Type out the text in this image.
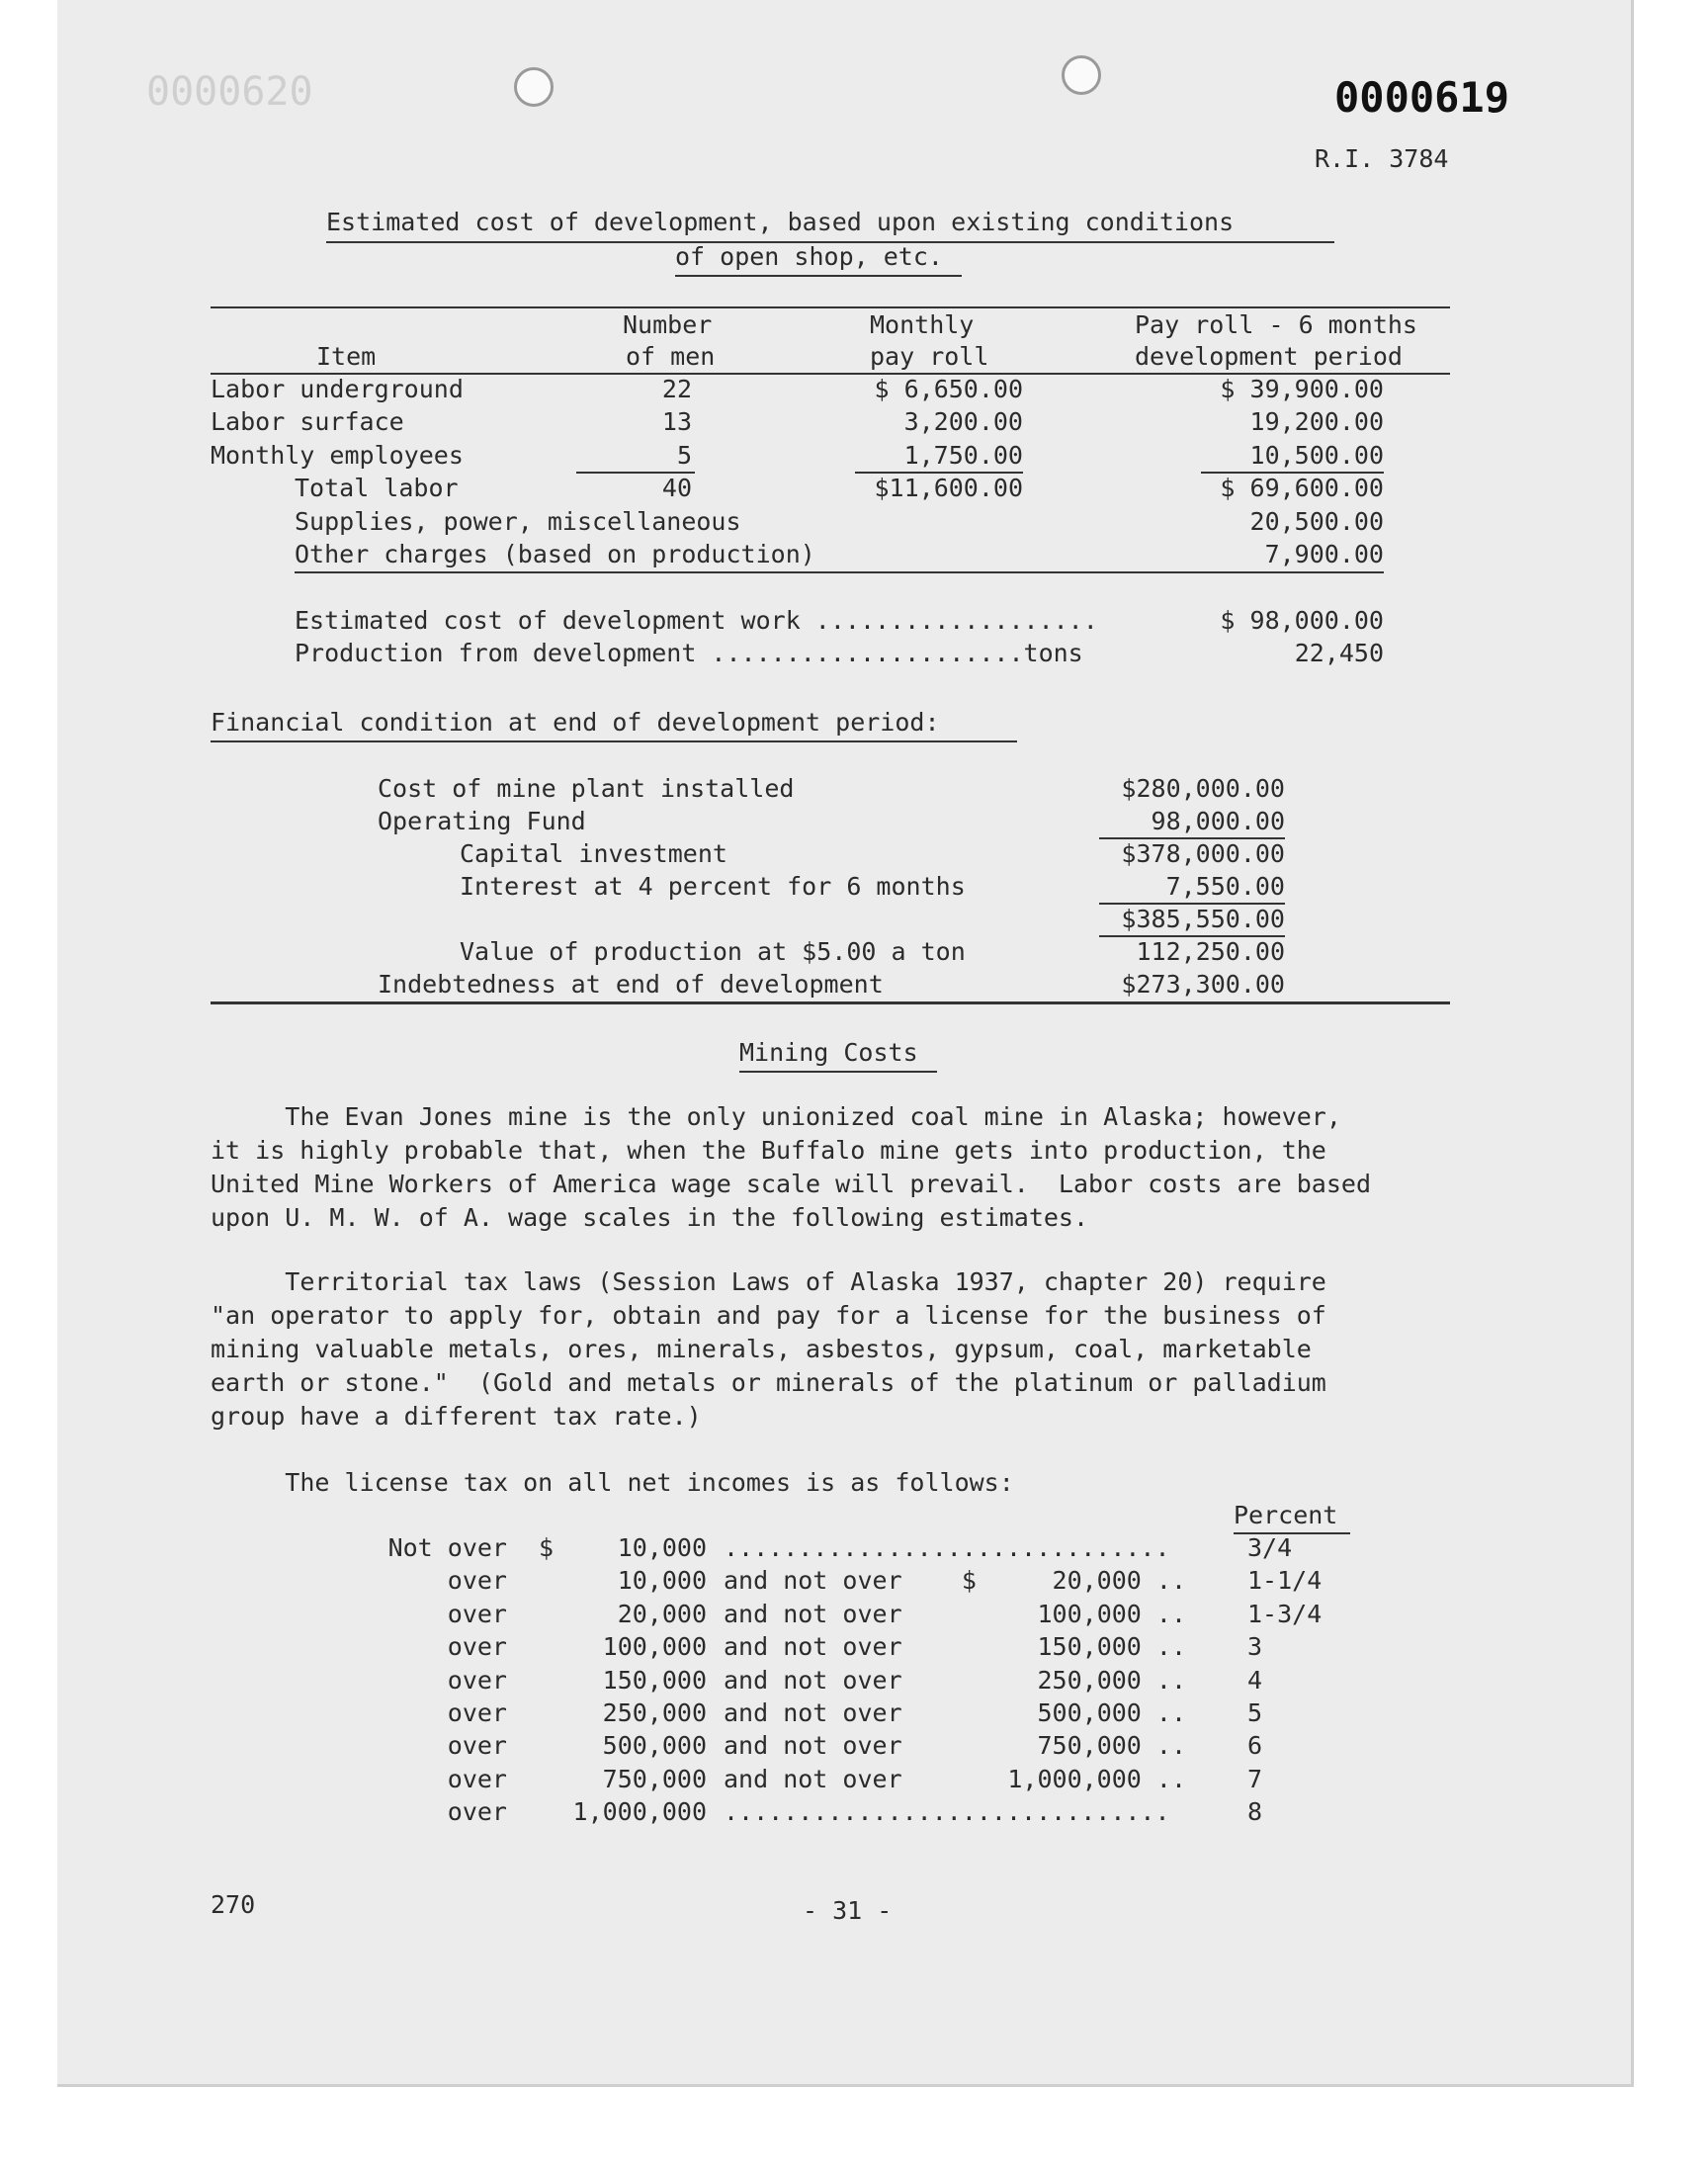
0000620	0000619
R.I. 3784
Estimated cost of development, based upon existing conditions
of open shop, etc.
Number	Monthly	Pay roll - 6 months
Item	of men	pay roll	development period
Labor underground	22	$ 6,650.00	$ 39,900.00
Labor surface	13	3,200.00	19,200.00
Monthly employees	5	1,750.00	10,500.00
Total labor	40	$11,600.00	$ 69,600.00
Supplies, power, miscellaneous	20,500.00
Other charges (based on production)	7,900.00
Estimated cost of development work ...................	$ 98,000.00
Production from development .....................tons	22,450
Financial condition at end of development period:
Cost of mine plant installed	$280,000.00
Operating Fund	98,000.00
Capital investment	$378,000.00
Interest at 4 percent for 6 months	7,550.00
$385,550.00
Value of production at $5.00 a ton	112,250.00
Indebtedness at end of development	$273,300.00
Mining Costs
The Evan Jones mine is the only unionized coal mine in Alaska; however,
it is highly probable that, when the Buffalo mine gets into production, the
United Mine Workers of America wage scale will prevail.  Labor costs are based
upon U. M. W. of A. wage scales in the following estimates.
Territorial tax laws (Session Laws of Alaska 1937, chapter 20) require
"an operator to apply for, obtain and pay for a license for the business of
mining valuable metals, ores, minerals, asbestos, gypsum, coal, marketable
earth or stone."  (Gold and metals or minerals of the platinum or palladium
group have a different tax rate.)
The license tax on all net incomes is as follows:
Percent
Not over $	10,000 ..............................	3/4
over	10,000 and not over    $	20,000 .. 1-1/4
over	20,000 and not over	100,000 .. 1-3/4
over	100,000 and not over	150,000 .. 3
over	150,000 and not over	250,000 .. 4
over	250,000 and not over	500,000 .. 5
over	500,000 and not over	750,000 .. 6
over	750,000 and not over	1,000,000 .. 7
over	1,000,000 ..............................	8
270	- 31 -
